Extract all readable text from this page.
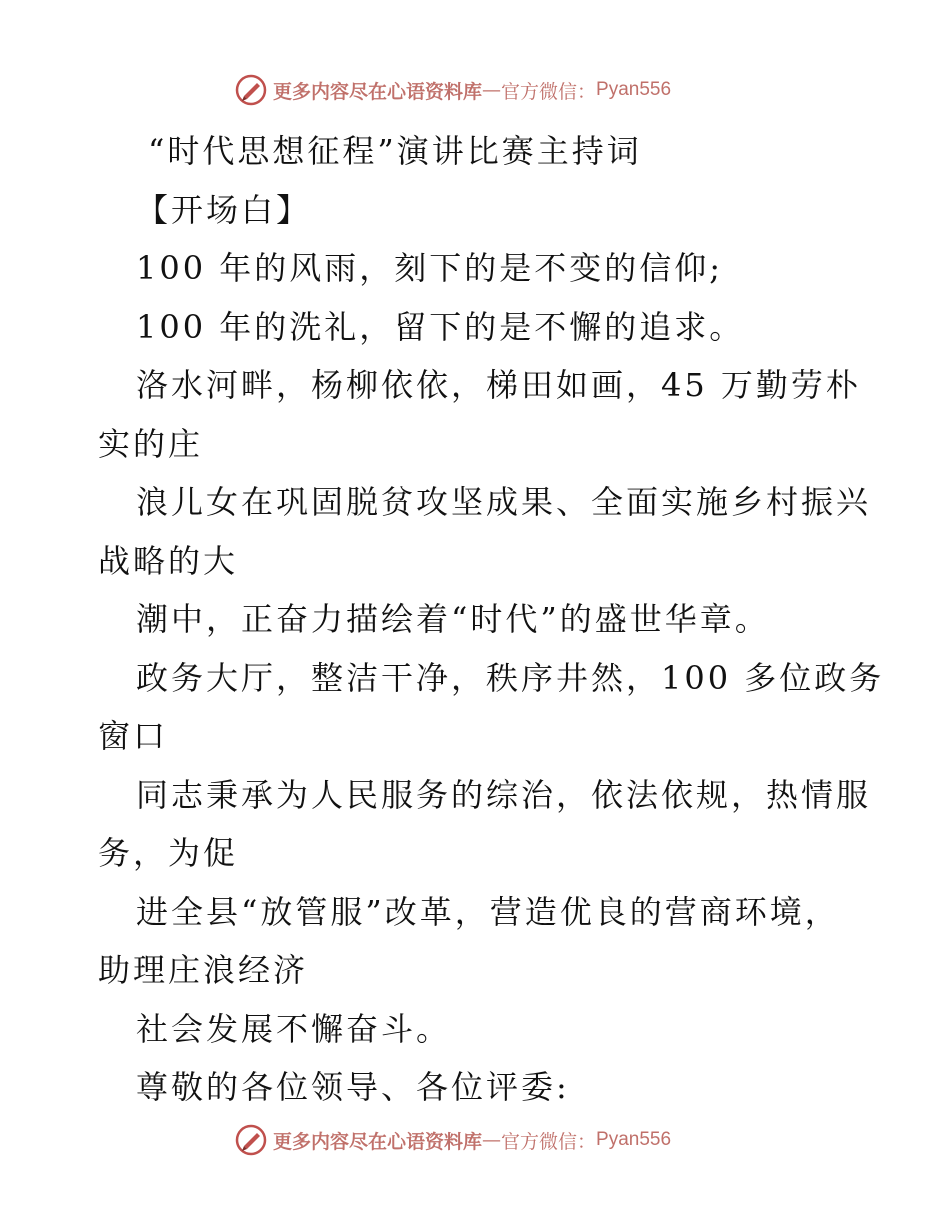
更多内容尽在心语资料库 — 官方微信： Pyan556

“时代思想征程”演讲比赛主持词

【开场白】

100 年的风雨，刻下的是不变的信仰;

100 年的洗礼，留下的是不懈的追求。

洛水河畔，杨柳依依，梯田如画，45 万勤劳朴

实的庄

浪儿女在巩固脱贫攻坚成果、全面实施乡村振兴

战略的大

潮中，正奋力描绘着“时代”的盛世华章。

政务大厅，整洁干净，秩序井然，100 多位政务

窗口

同志秉承为人民服务的综治，依法依规，热情服

务，为促

进全县“放管服”改革，营造优良的营商环境，

助理庄浪经济

社会发展不懈奋斗。

尊敬的各位领导、各位评委:

更多内容尽在心语资料库 — 官方微信： Pyan556
